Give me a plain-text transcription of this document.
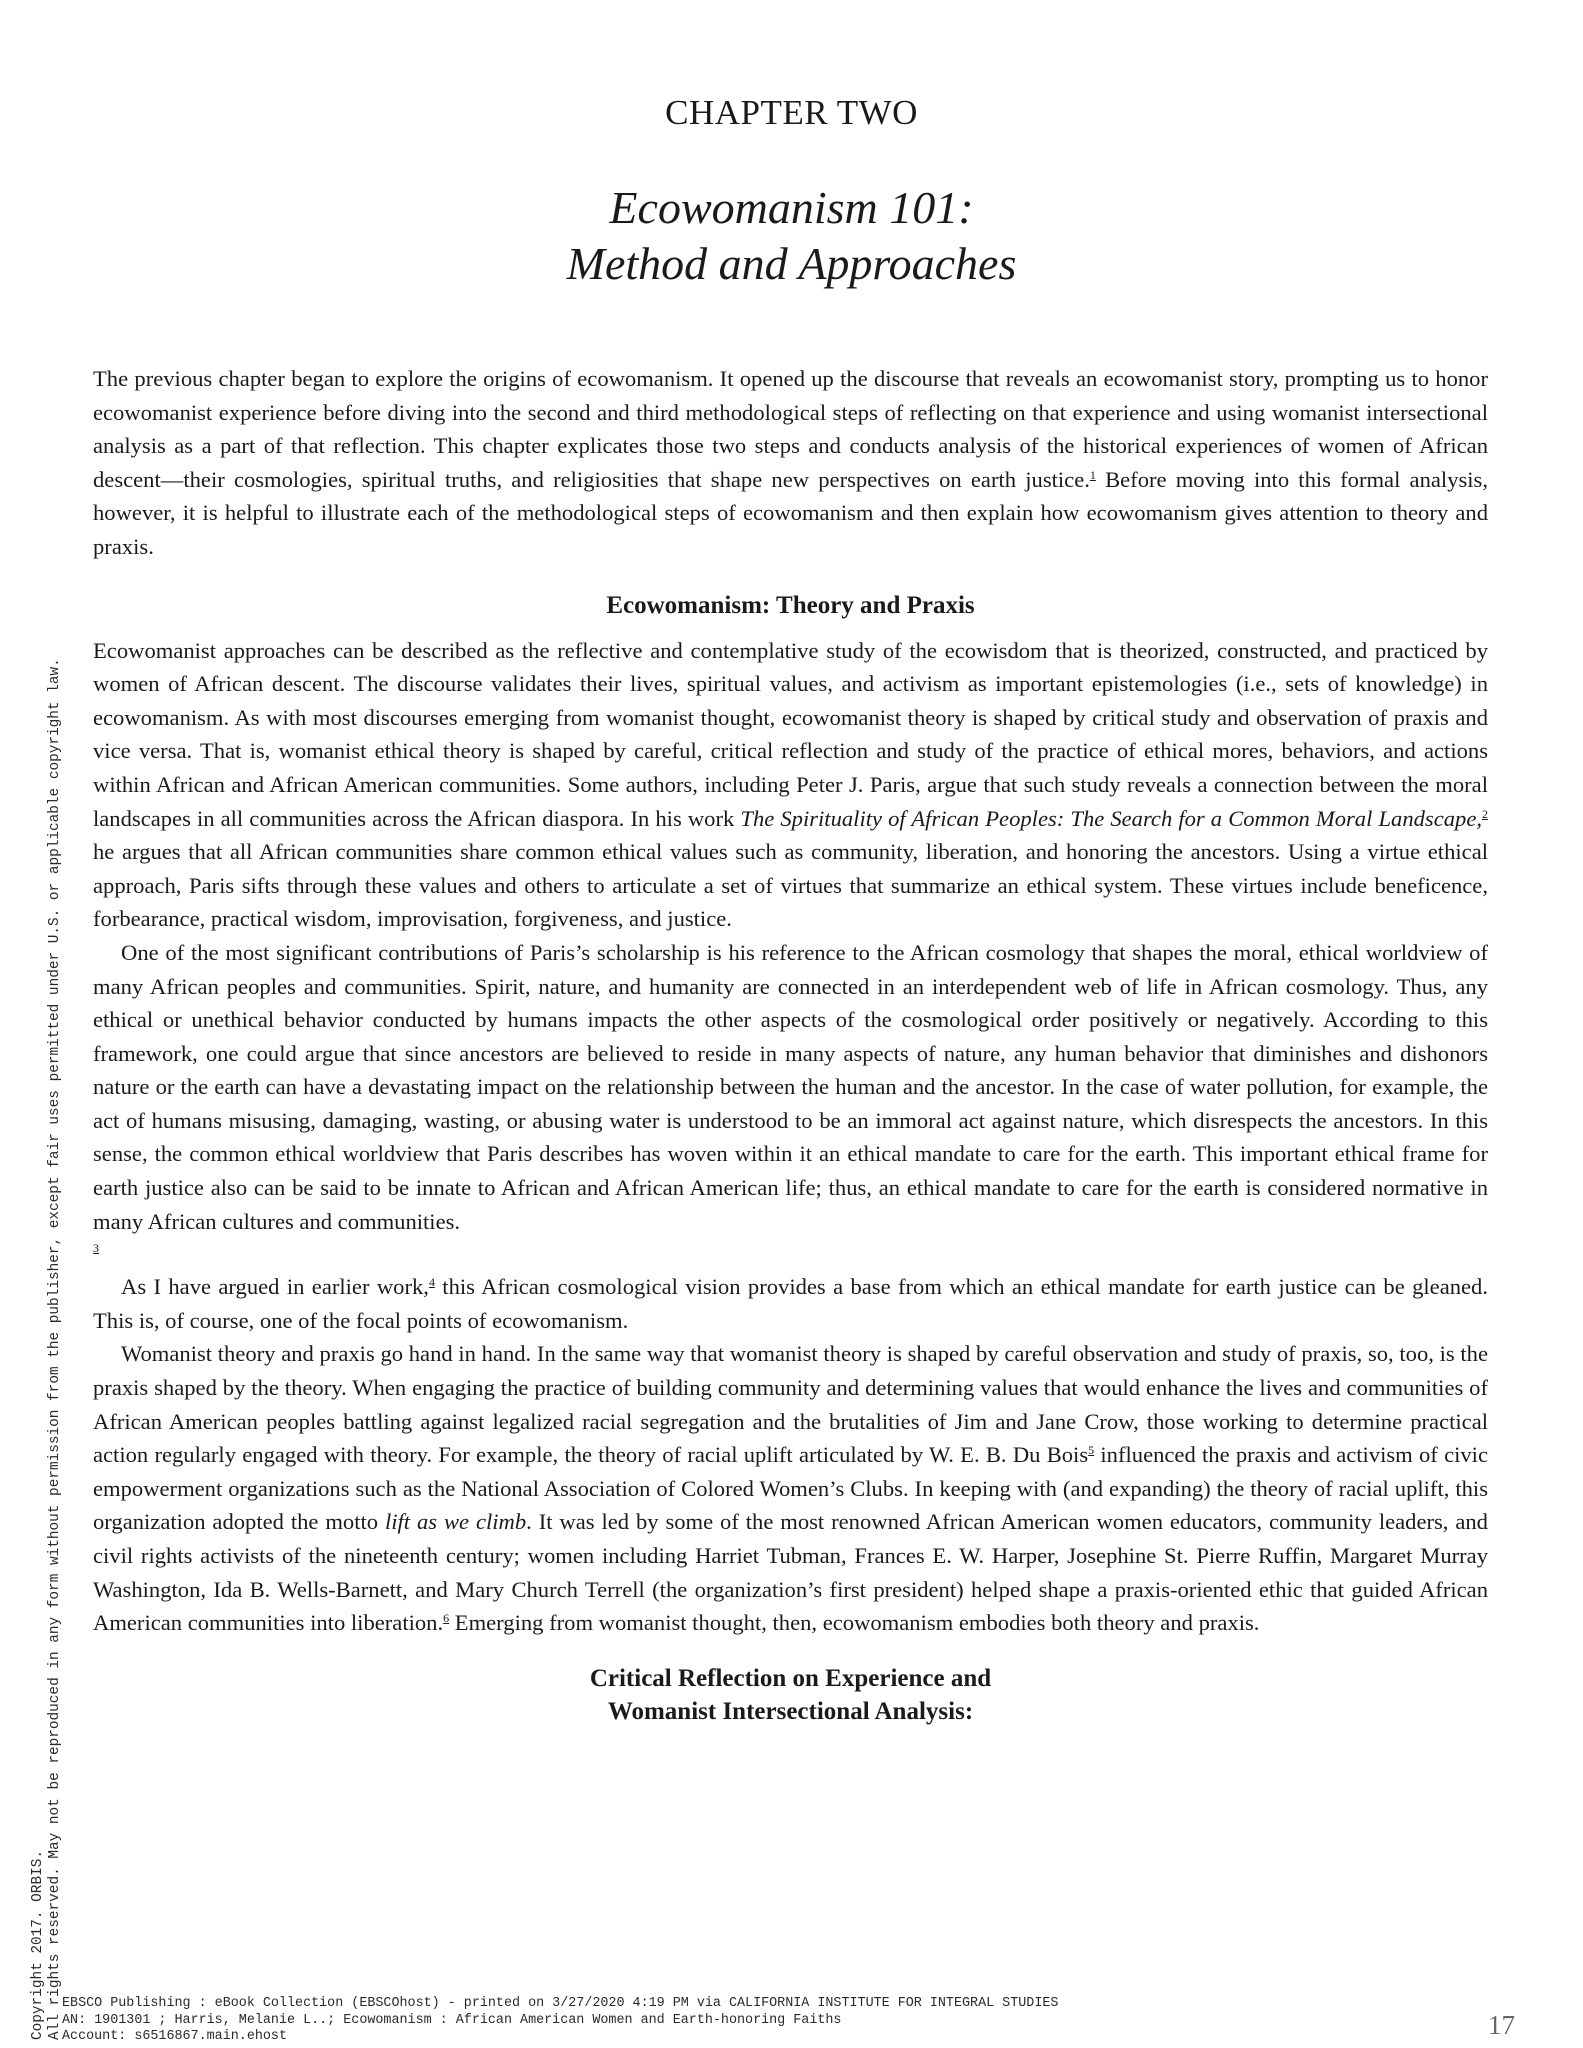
Copyright 2017. ORBIS. All rights reserved. May not be reproduced in any form without permission from the publisher, except fair uses permitted under U.S. or applicable copyright law.
CHAPTER TWO
Ecowomanism 101:
Method and Approaches

The previous chapter began to explore the origins of ecowomanism. It opened up the discourse that reveals an ecowomanist story, prompting us to honor ecowomanist experience before diving into the second and third methodological steps of reflecting on that experience and using womanist intersectional analysis as a part of that reflection. This chapter explicates those two steps and conducts analysis of the historical experiences of women of African descent—their cosmologies, spiritual truths, and religiosities that shape new perspectives on earth justice.$^1$ Before moving into this formal analysis, however, it is helpful to illustrate each of the methodological steps of ecowomanism and then explain how ecowomanism gives attention to theory and praxis.

Ecowomanism: Theory and Praxis

Ecowomanist approaches can be described as the reflective and contemplative study of the ecowisdom that is theorized, constructed, and practiced by women of African descent. The discourse validates their lives, spiritual values, and activism as important epistemologies (i.e., sets of knowledge) in ecowomanism. As with most discourses emerging from womanist thought, ecowomanist theory is shaped by critical study and observation of praxis and vice versa. That is, womanist ethical theory is shaped by careful, critical reflection and study of the practice of ethical mores, behaviors, and actions within African and African American communities. Some authors, including Peter J. Paris, argue that such study reveals a connection between the moral landscapes in all communities across the African diaspora. In his work The Spirituality of African Peoples: The Search for a Common Moral Landscape,$^2$ he argues that all African communities share common ethical values such as community, liberation, and honoring the ancestors. Using a virtue ethical approach, Paris sifts through these values and others to articulate a set of virtues that summarize an ethical system. These virtues include beneficence, forbearance, practical wisdom, improvisation, forgiveness, and justice.

One of the most significant contributions of Paris’s scholarship is his reference to the African cosmology that shapes the moral, ethical worldview of many African peoples and communities. Spirit, nature, and humanity are connected in an interdependent web of life in African cosmology. Thus, any ethical or unethical behavior conducted by humans impacts the other aspects of the cosmological order positively or negatively. According to this framework, one could argue that since ancestors are believed to reside in many aspects of nature, any human behavior that diminishes and dishonors nature or the earth can have a devastating impact on the relationship between the human and the ancestor. In the case of water pollution, for example, the act of humans misusing, damaging, wasting, or abusing water is understood to be an immoral act against nature, which disrespects the ancestors. In this sense, the common ethical worldview that Paris describes has woven within it an ethical mandate to care for the earth. This important ethical frame for earth justice also can be said to be innate to African and African American life; thus, an ethical mandate to care for the earth is considered normative in many African cultures and communities.

3

As I have argued in earlier work,$^4$ this African cosmological vision provides a base from which an ethical mandate for earth justice can be gleaned. This is, of course, one of the focal points of ecowomanism.

Womanist theory and praxis go hand in hand. In the same way that womanist theory is shaped by careful observation and study of praxis, so, too, is the praxis shaped by the theory. When engaging the practice of building community and determining values that would enhance the lives and communities of African American peoples battling against legalized racial segregation and the brutalities of Jim and Jane Crow, those working to determine practical action regularly engaged with theory. For example, the theory of racial uplift articulated by W. E. B. Du Bois$^5$ influenced the praxis and activism of civic empowerment organizations such as the National Association of Colored Women’s Clubs. In keeping with (and expanding) the theory of racial uplift, this organization adopted the motto lift as we climb. It was led by some of the most renowned African American women educators, community leaders, and civil rights activists of the nineteenth century; women including Harriet Tubman, Frances E. W. Harper, Josephine St. Pierre Ruffin, Margaret Murray Washington, Ida B. Wells-Barnett, and Mary Church Terrell (the organization’s first president) helped shape a praxis-oriented ethic that guided African American communities into liberation.$^6$ Emerging from womanist thought, then, ecowomanism embodies both theory and praxis.

Critical Reflection on Experience and
Womanist Intersectional Analysis:
EBSCO Publishing : eBook Collection (EBSCOhost) - printed on 3/27/2020 4:19 PM via CALIFORNIA INSTITUTE FOR INTEGRAL STUDIES
AN: 1901301 ; Harris, Melanie L..; Ecowomanism : African American Women and Earth-honoring Faiths
Account: s6516867.main.ehost	17
